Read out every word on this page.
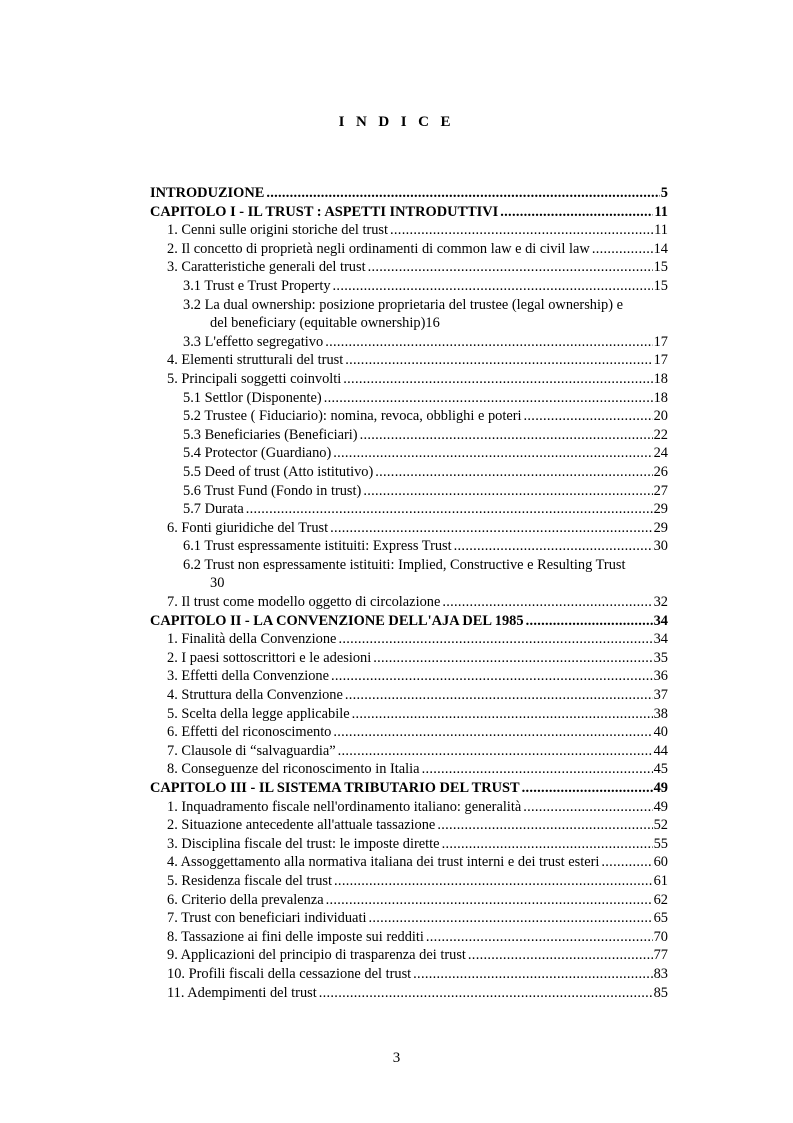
I N D I C E
INTRODUZIONE .....	5
CAPITOLO I - IL TRUST : ASPETTI INTRODUTTIVI .....	11
1. Cenni sulle origini storiche del trust .....	11
2. Il concetto di proprietà negli ordinamenti di common law e di civil law .....	14
3. Caratteristiche generali del trust .....	15
3.1 Trust e Trust Property .....	15
3.2 La dual ownership: posizione proprietaria del trustee (legal ownership) e
del beneficiary (equitable ownership) 16
3.3 L'effetto segregativo .....	17
4. Elementi strutturali del trust .....	17
5. Principali soggetti coinvolti .....	18
5.1 Settlor (Disponente) .....	18
5.2 Trustee ( Fiduciario): nomina, revoca, obblighi e poteri .....	20
5.3 Beneficiaries (Beneficiari) .....	22
5.4 Protector (Guardiano) .....	24
5.5 Deed of trust (Atto istitutivo) .....	26
5.6 Trust Fund (Fondo in trust) .....	27
5.7 Durata .....	29
6. Fonti giuridiche del Trust .....	29
6.1 Trust espressamente istituiti: Express Trust .....	30
6.2 Trust non espressamente istituiti: Implied, Constructive e Resulting Trust
30
7. Il trust come modello oggetto di circolazione .....	32
CAPITOLO II - LA CONVENZIONE DELL'AJA DEL 1985 .....	34
1. Finalità della Convenzione .....	34
2. I paesi sottoscrittori e le adesioni .....	35
3. Effetti della Convenzione .....	36
4. Struttura della Convenzione .....	37
5. Scelta della legge applicabile .....	38
6. Effetti del riconoscimento .....	40
7. Clausole di “salvaguardia” .....	44
8. Conseguenze del riconoscimento in Italia .....	45
CAPITOLO III - IL SISTEMA TRIBUTARIO DEL TRUST .....	49
1. Inquadramento fiscale nell'ordinamento italiano: generalità .....	49
2. Situazione antecedente all'attuale tassazione .....	52
3. Disciplina fiscale del trust: le imposte dirette .....	55
4. Assoggettamento alla normativa italiana dei trust interni e dei trust esteri .....	60
5. Residenza fiscale del trust .....	61
6. Criterio della prevalenza .....	62
7. Trust con beneficiari individuati .....	65
8. Tassazione ai fini delle imposte sui redditi .....	70
9. Applicazioni del principio di trasparenza dei trust .....	77
10. Profili fiscali della cessazione del trust .....	83
11. Adempimenti del trust .....	85
3
